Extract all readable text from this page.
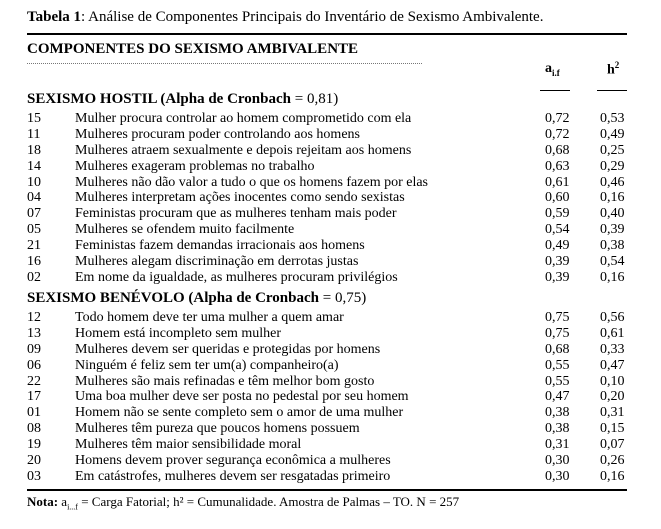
Tabela 1: Análise de Componentes Principais do Inventário de Sexismo Ambivalente.
COMPONENTES DO SEXISMO AMBIVALENTE
$a_{i.f}$	$h^2$
SEXISMO HOSTIL (Alpha de Cronbach = 0,81)
15 Mulher procura controlar ao homem comprometido com ela	0,72 0,53
11 Mulheres procuram poder controlando aos homens	0,72 0,49
18 Mulheres atraem sexualmente e depois rejeitam aos homens	0,68 0,25
14 Mulheres exageram problemas no trabalho	0,63 0,29
10 Mulheres não dão valor a tudo o que os homens fazem por elas	0,61 0,46
04 Mulheres interpretam ações inocentes como sendo sexistas	0,60 0,16
07 Feministas procuram que as mulheres tenham mais poder	0,59 0,40
05 Mulheres se ofendem muito facilmente	0,54 0,39
21 Feministas fazem demandas irracionais aos homens	0,49 0,38
16 Mulheres alegam discriminação em derrotas justas	0,39 0,54
02 Em nome da igualdade, as mulheres procuram privilégios	0,39 0,16
SEXISMO BENÉVOLO (Alpha de Cronbach = 0,75)
12 Todo homem deve ter uma mulher a quem amar	0,75 0,56
13 Homem está incompleto sem mulher	0,75 0,61
09 Mulheres devem ser queridas e protegidas por homens	0,68 0,33
06 Ninguém é feliz sem ter um(a) companheiro(a)	0,55 0,47
22 Mulheres são mais refinadas e têm melhor bom gosto	0,55 0,10
17 Uma boa mulher deve ser posta no pedestal por seu homem	0,47 0,20
01 Homem não se sente completo sem o amor de uma mulher	0,38 0,31
08 Mulheres têm pureza que poucos homens possuem	0,38 0,15
19 Mulheres têm maior sensibilidade moral	0,31 0,07
20 Homens devem prover segurança econômica a mulheres	0,30 0,26
03 Em catástrofes, mulheres devem ser resgatadas primeiro	0,30 0,16
Nota: $a_{i...f}$ = Carga Fatorial; h² = Cumunalidade. Amostra de Palmas – TO. N = 257
